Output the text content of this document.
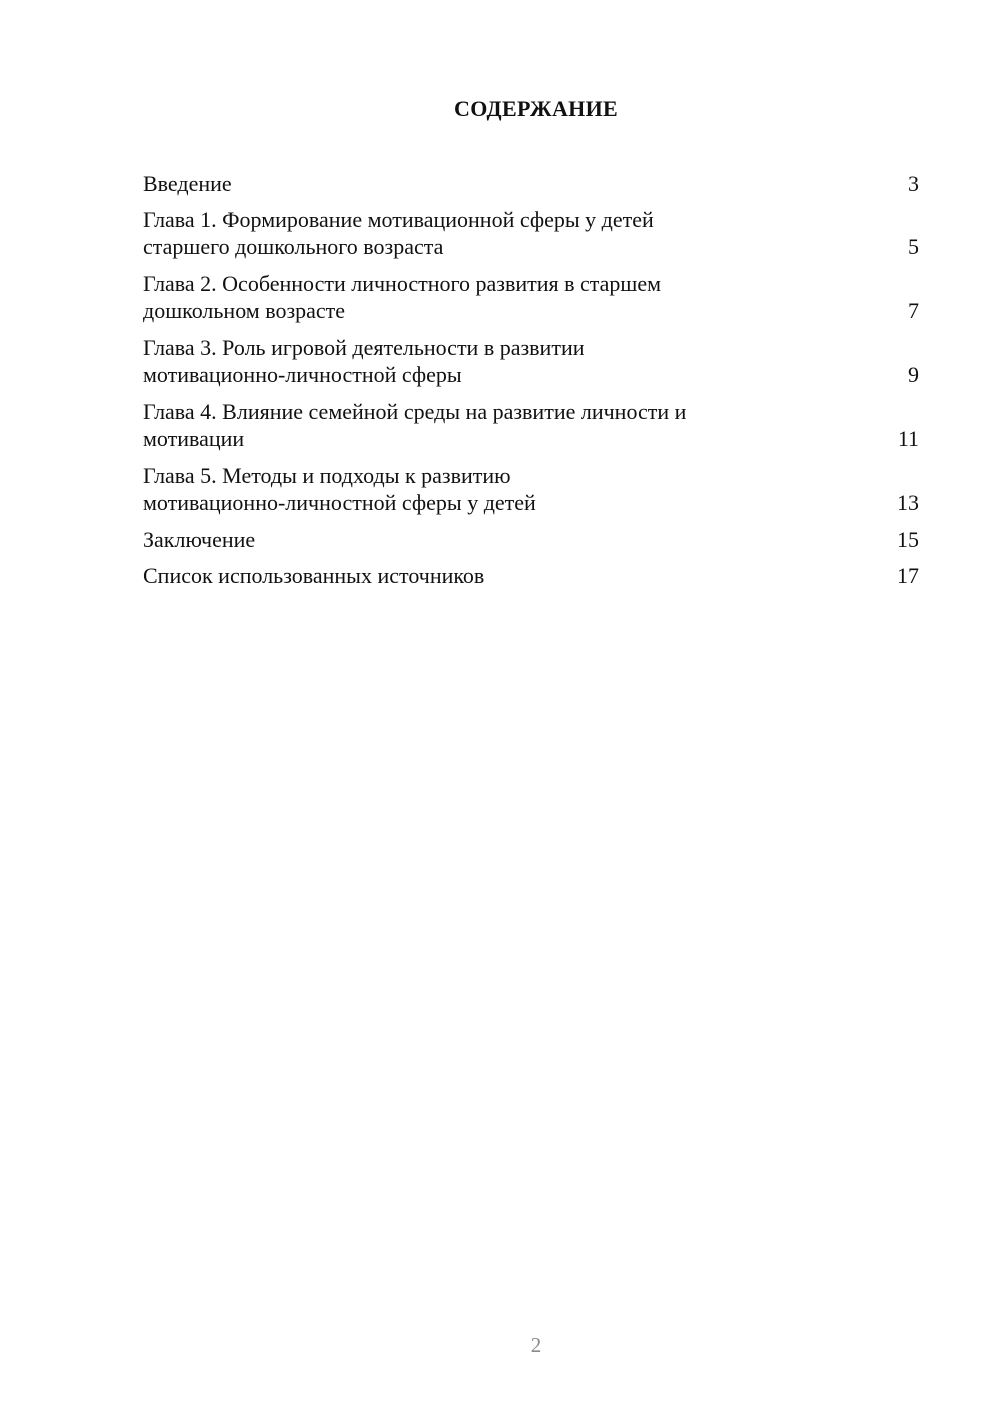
СОДЕРЖАНИЕ
Введение	3
Глава 1. Формирование мотивационной сферы у детей
старшего дошкольного возраста	5
Глава 2. Особенности личностного развития в старшем
дошкольном возрасте	7
Глава 3. Роль игровой деятельности в развитии
мотивационно-личностной сферы	9
Глава 4. Влияние семейной среды на развитие личности и
мотивации	11
Глава 5. Методы и подходы к развитию
мотивационно-личностной сферы у детей	13
Заключение	15
Список использованных источников	17
2
